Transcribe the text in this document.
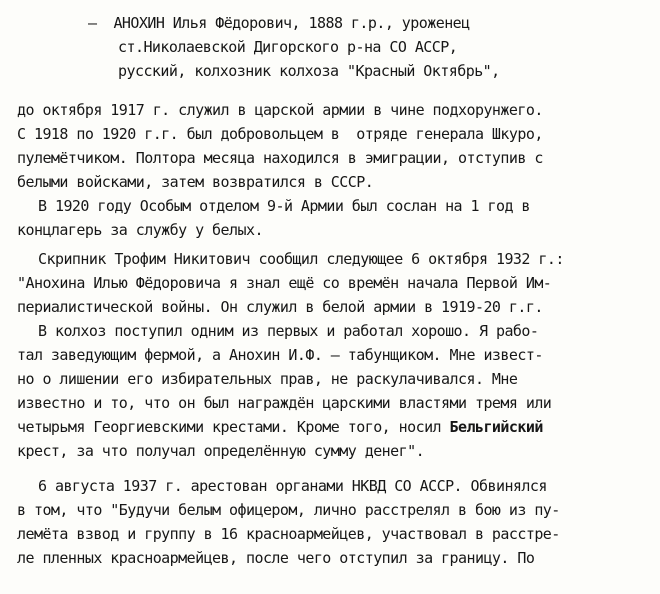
–  АНОХИН Илья Фёдорович, 1888 г.р., уроженец

ст.Николаевской Дигорского р-на СО АССР,

русский, колхозник колхоза "Красный Октябрь",

до октября 1917 г. служил в царской армии в чине подхорунжего.

С 1918 по 1920 г.г. был добровольцем в  отряде генерала Шкуро,

пулемётчиком. Полтора месяца находился в эмиграции, отступив с

белыми войсками, затем возвратился в СССР.

В 1920 году Особым отделом 9-й Армии был сослан на 1 год в

концлагерь за службу у белых.

Скрипник Трофим Никитович сообщил следующее 6 октября 1932 г.:

"Анохина Илью Фёдоровича я знал ещё со времён начала Первой Им-

периалистической войны. Он служил в белой армии в 1919-20 г.г.

В колхоз поступил одним из первых и работал хорошо. Я рабо-

тал заведующим фермой, а Анохин И.Ф. – табунщиком. Мне извест-

но о лишении его избирательных прав, не раскулачивался. Мне

известно и то, что он был награждён царскими властями тремя или

четырьмя Георгиевскими крестами. Кроме того, носил Бельгийский

крест, за что получал определённую сумму денег".

6 августа 1937 г. арестован органами НКВД СО АССР. Обвинялся

в том, что "Будучи белым офицером, лично расстрелял в бою из пу-

лемёта взвод и группу в 16 красноармейцев, участвовал в расстре-

ле пленных красноармейцев, после чего отступил за границу. По
